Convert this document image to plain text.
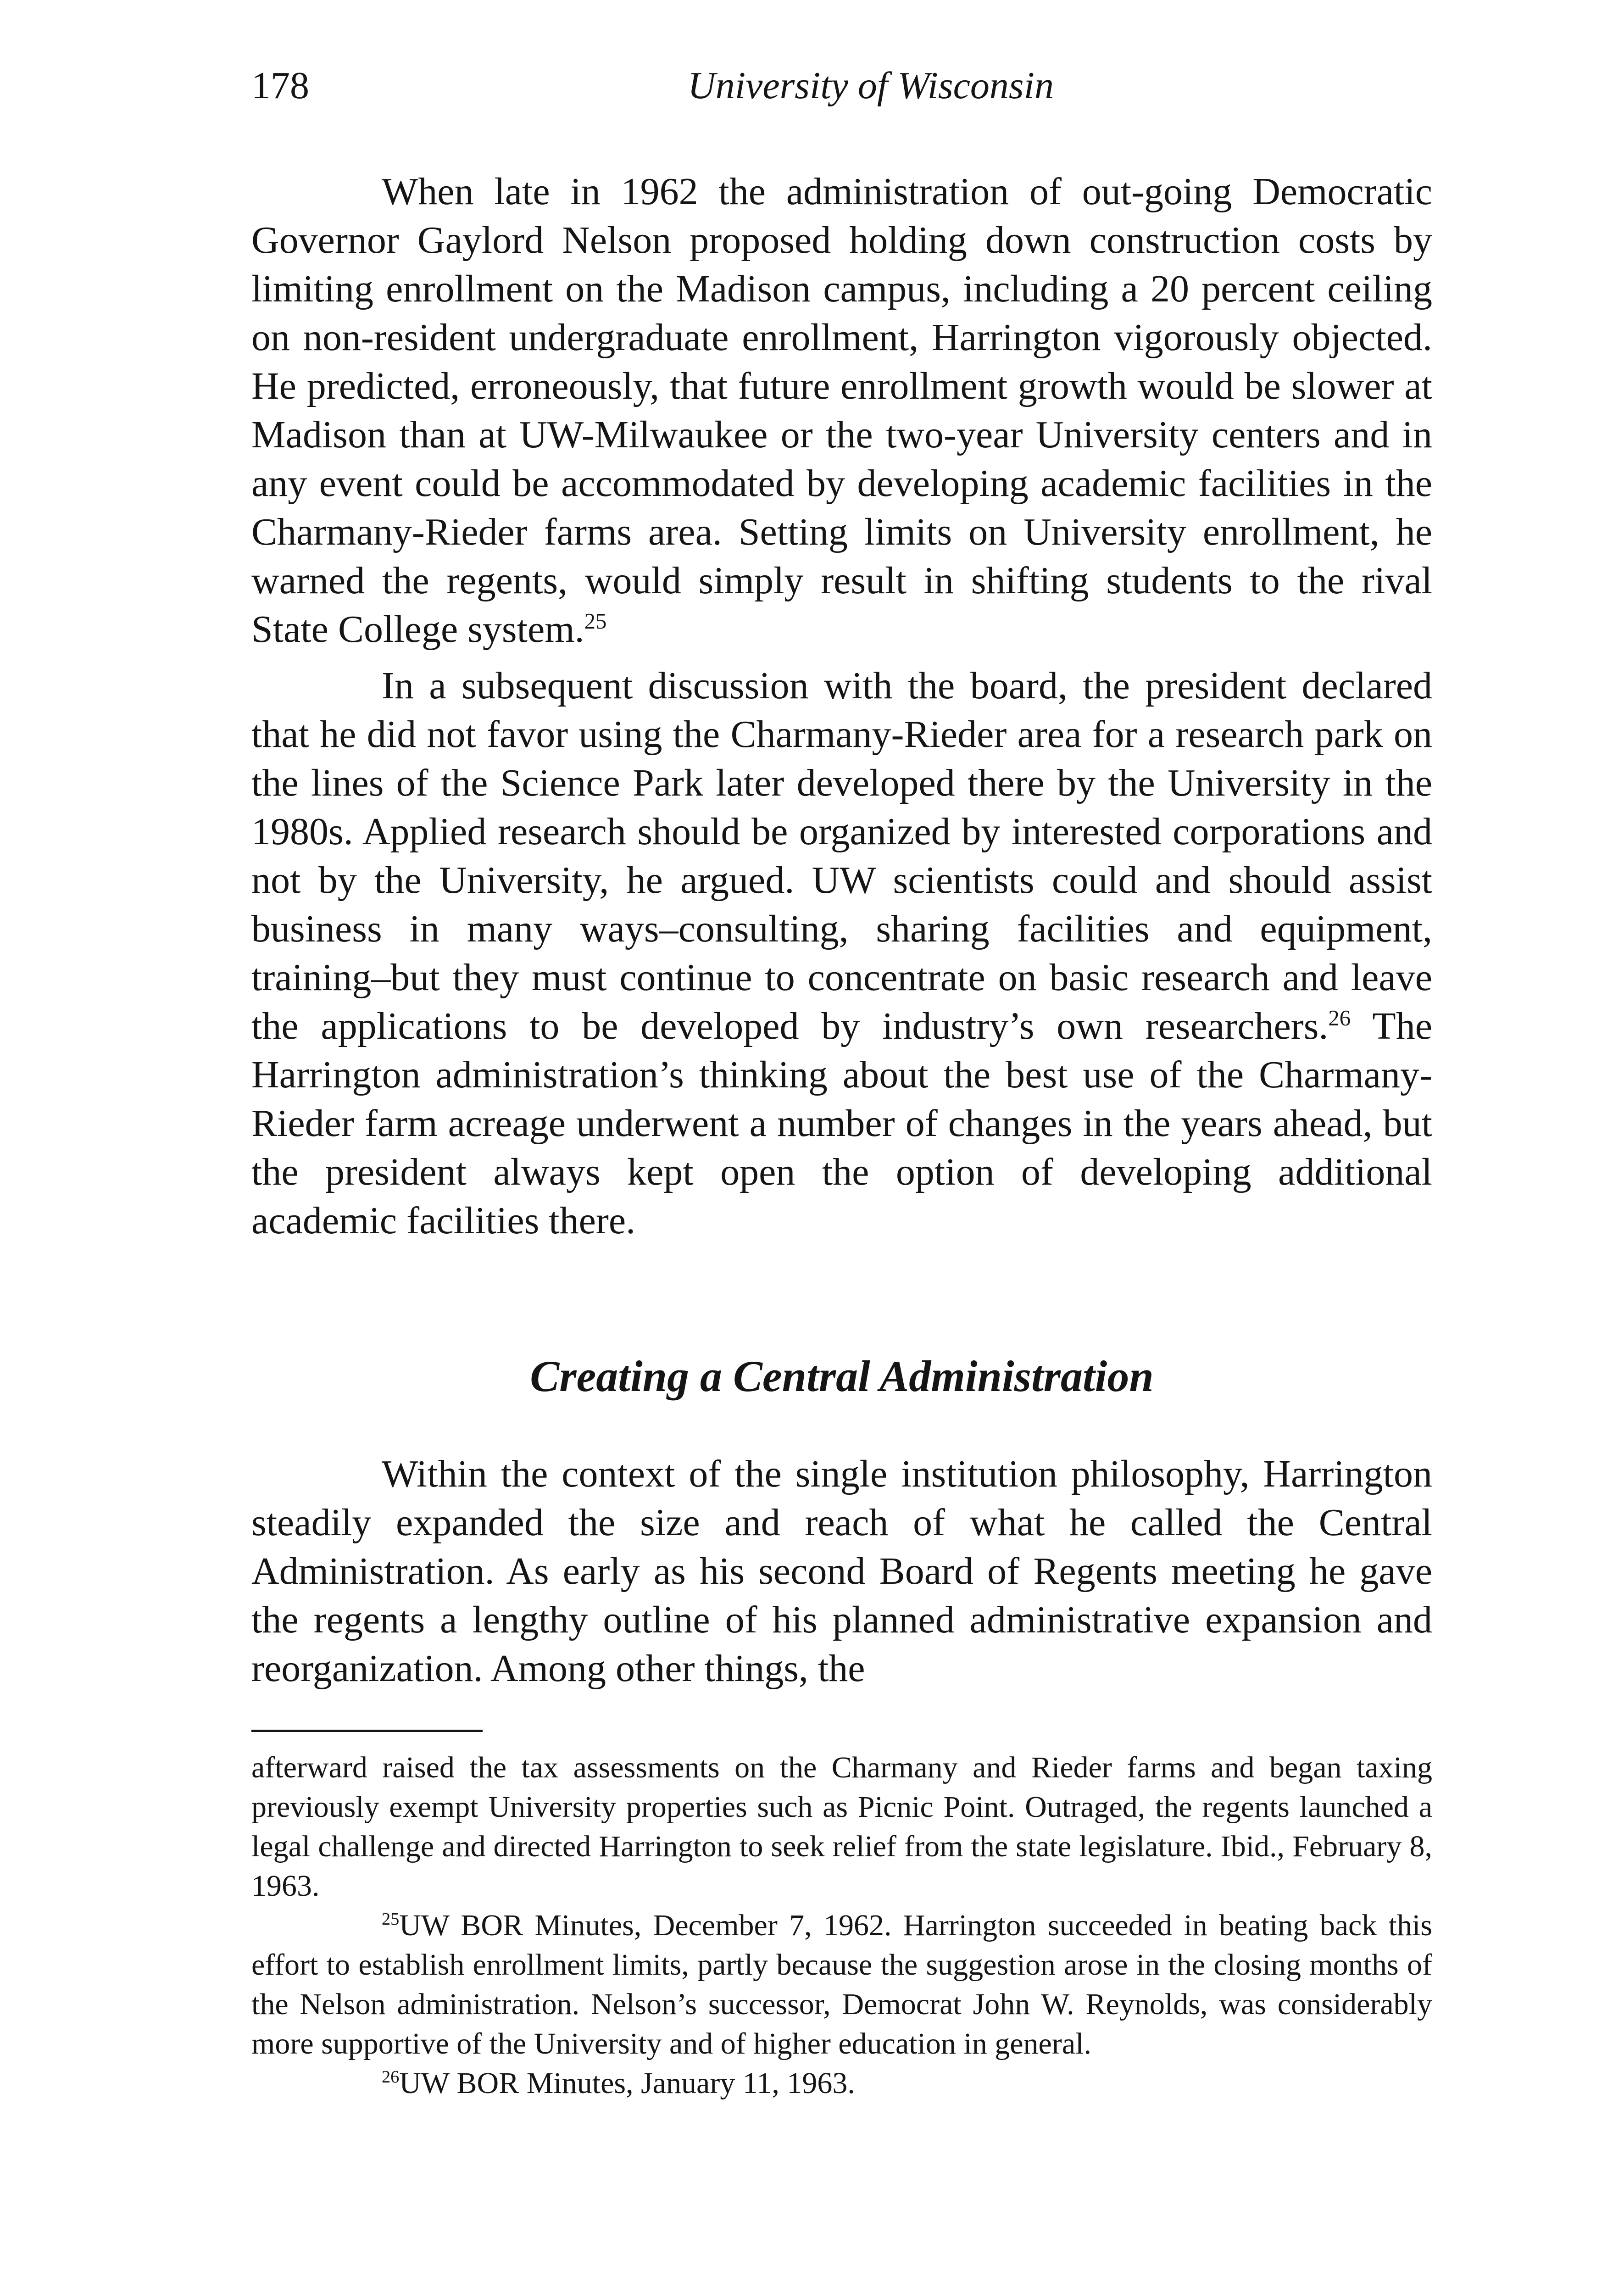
178	University of Wisconsin

When late in 1962 the administration of out-going Democratic Governor Gaylord Nelson proposed holding down construction costs by limiting enrollment on the Madison campus, including a 20 percent ceiling on non-resident undergraduate enrollment, Harrington vigorously objected. He predicted, erroneously, that future enrollment growth would be slower at Madison than at UW-Milwaukee or the two-year University centers and in any event could be accommodated by developing academic facilities in the Charmany-Rieder farms area. Setting limits on University enrollment, he warned the regents, would simply result in shifting students to the rival State College system.$^{25}$

In a subsequent discussion with the board, the president declared that he did not favor using the Charmany-Rieder area for a research park on the lines of the Science Park later developed there by the University in the 1980s. Applied research should be organized by interested corporations and not by the University, he argued. UW scientists could and should assist business in many ways–consulting, sharing facilities and equipment, training–but they must continue to concentrate on basic research and leave the applications to be developed by industry’s own researchers.$^{26}$ The Harrington administration’s thinking about the best use of the Charmany-Rieder farm acreage underwent a number of changes in the years ahead, but the president always kept open the option of developing additional academic facilities there.

Creating a Central Administration

Within the context of the single institution philosophy, Harrington steadily expanded the size and reach of what he called the Central Administration. As early as his second Board of Regents meeting he gave the regents a lengthy outline of his planned administrative expansion and reorganization. Among other things, the

afterward raised the tax assessments on the Charmany and Rieder farms and began taxing previously exempt University properties such as Picnic Point. Outraged, the regents launched a legal challenge and directed Harrington to seek relief from the state legislature. Ibid., February 8, 1963.

$^{25}$UW BOR Minutes, December 7, 1962. Harrington succeeded in beating back this effort to establish enrollment limits, partly because the suggestion arose in the closing months of the Nelson administration. Nelson’s successor, Democrat John W. Reynolds, was considerably more supportive of the University and of higher education in general.

$^{26}$UW BOR Minutes, January 11, 1963.
